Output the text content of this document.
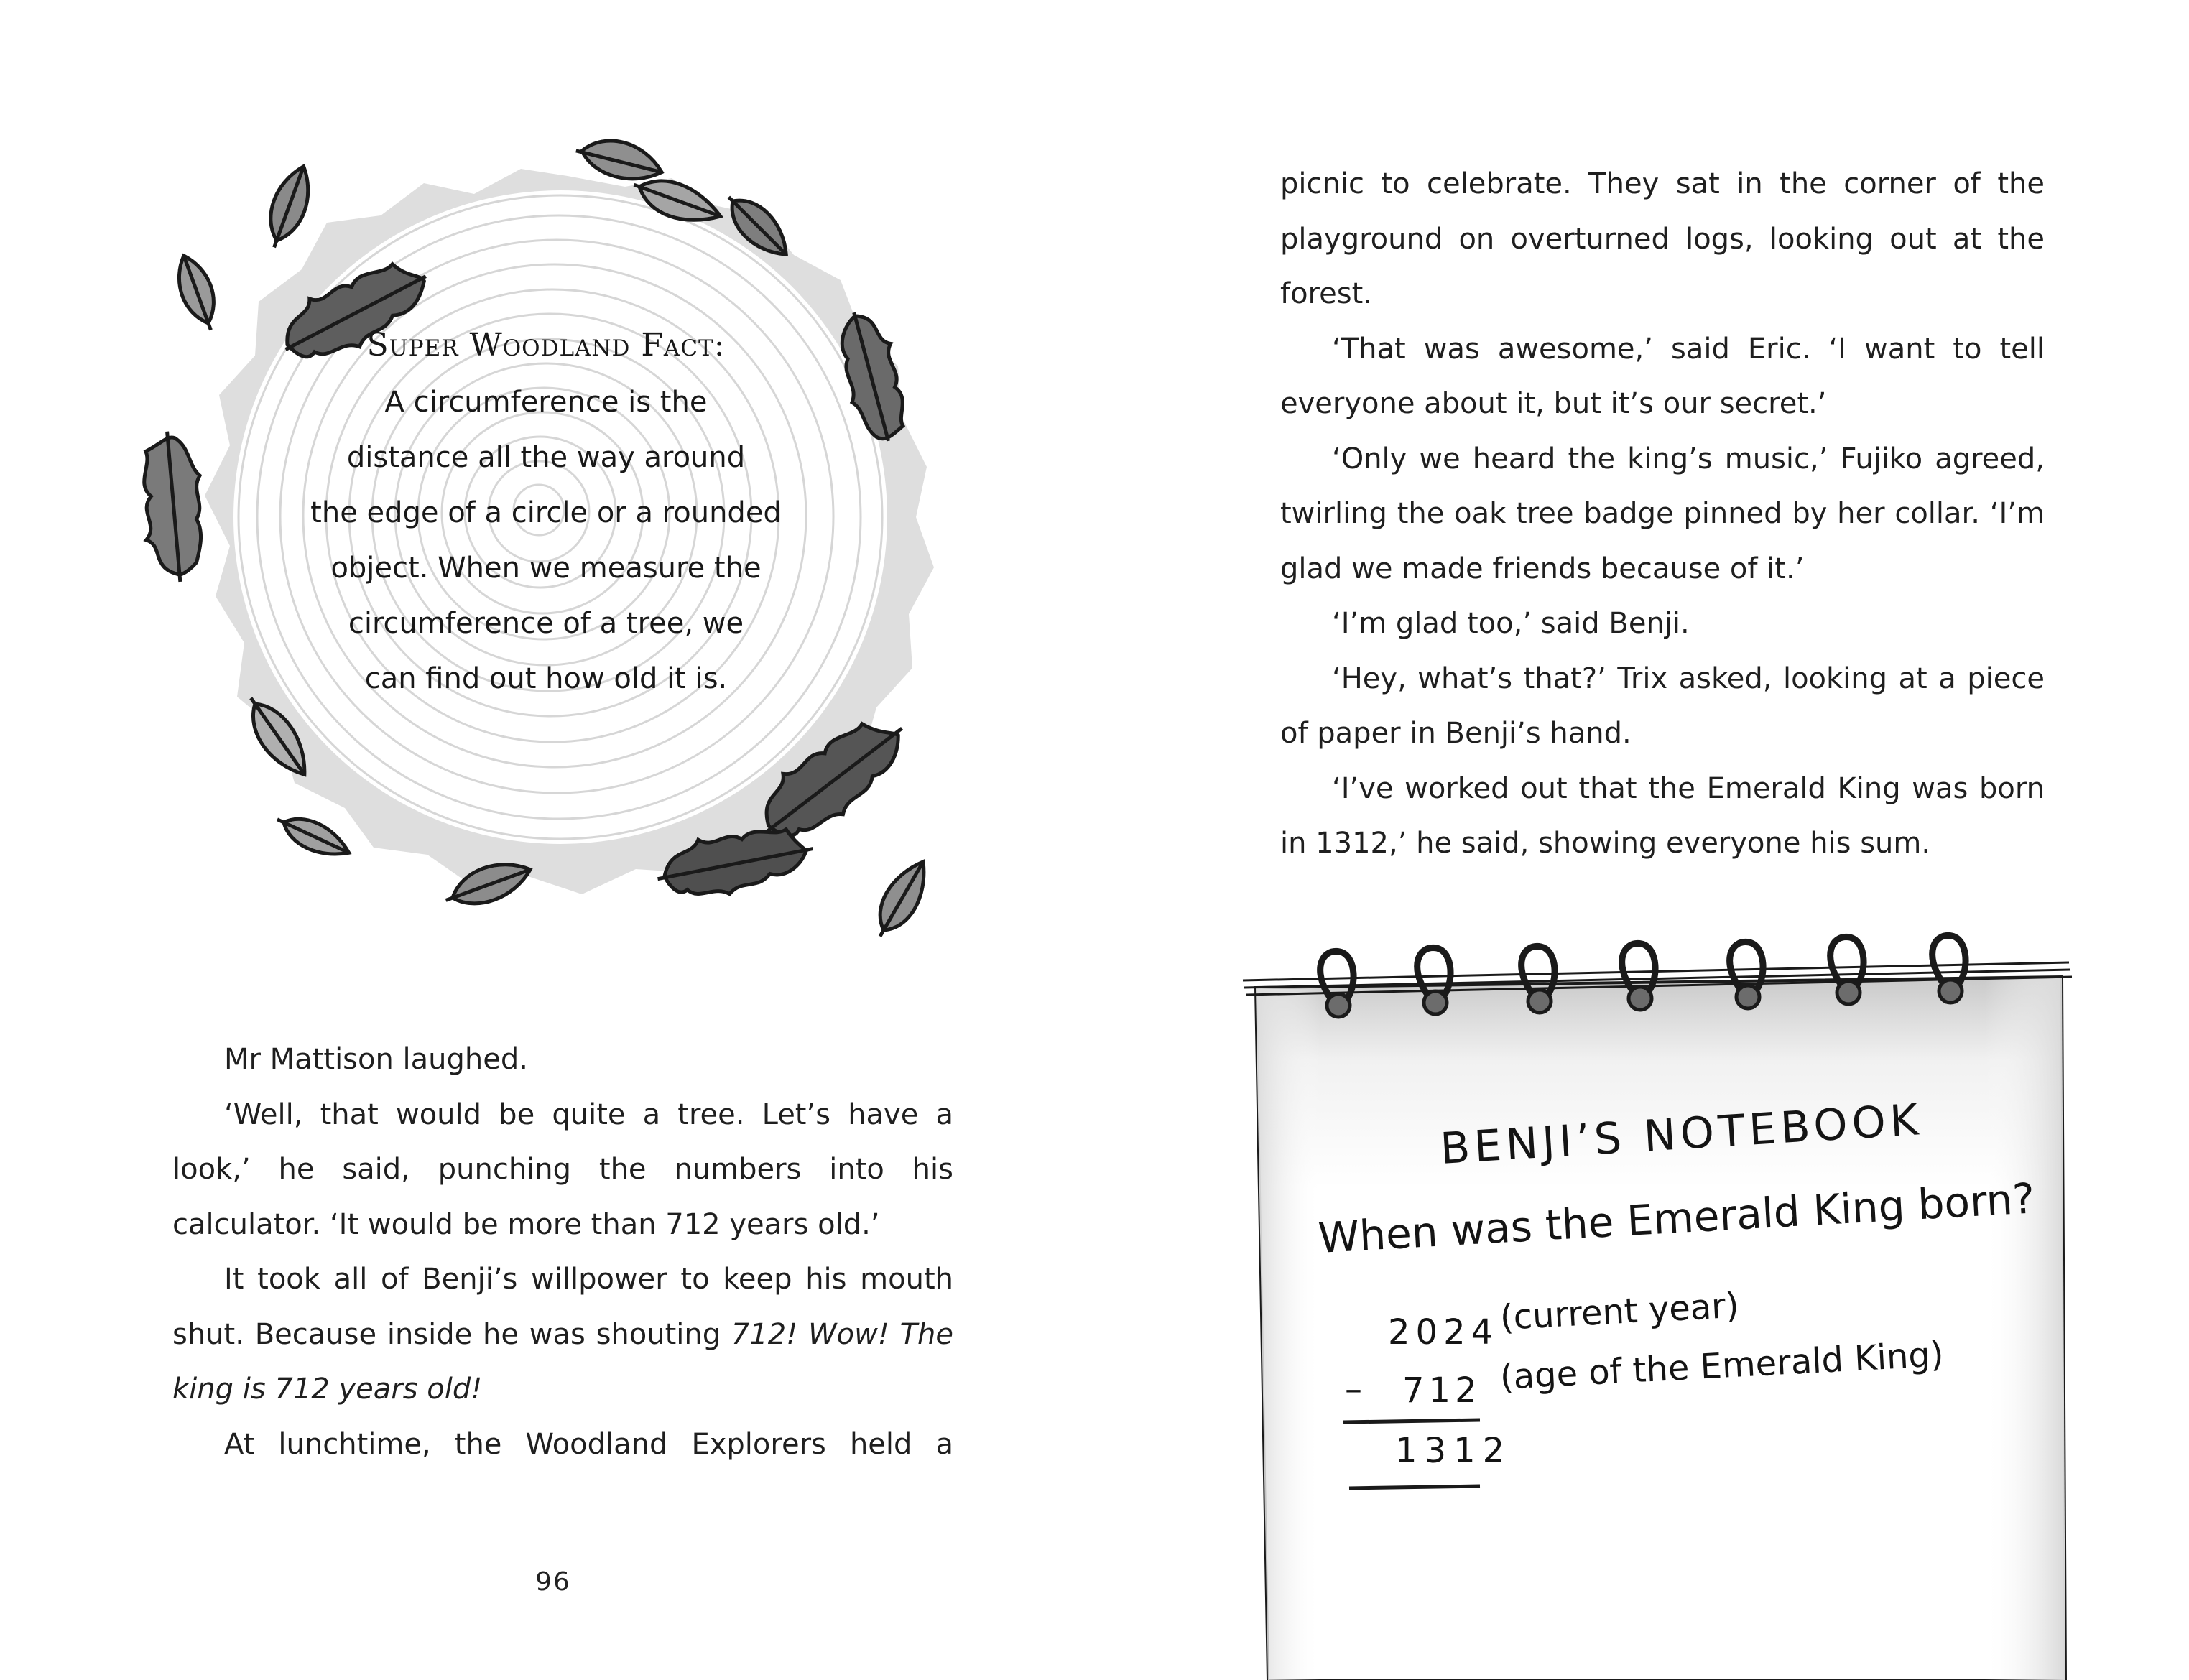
Super Woodland Fact:
A circumference is the
distance all the way around
the edge of a circle or a rounded
object. When we measure the
circumference of a tree, we
can find out how old it is.

Mr Mattison laughed.

‘Well, that would be quite a tree. Let’s have a look,’ he said, punching the numbers into his calculator. ‘It would be more than 712 years old.’

It took all of Benji’s willpower to keep his mouth shut. Because inside he was shouting 712! Wow! The king is 712 years old!

At lunchtime, the Woodland Explorers held a

96

picnic to celebrate. They sat in the corner of the playground on overturned logs, looking out at the forest.

‘That was awesome,’ said Eric. ‘I want to tell everyone about it, but it’s our secret.’

‘Only we heard the king’s music,’ Fujiko agreed, twirling the oak tree badge pinned by her collar. ‘I’m glad we made friends because of it.’

‘I’m glad too,’ said Benji.

‘Hey, what’s that?’ Trix asked, looking at a piece of paper in Benji’s hand.

‘I’ve worked out that the Emerald King was born in 1312,’ he said, showing everyone his sum.

BENJI’S NOTEBOOK
When was the Emerald King born?
2024 (current year)
– 712 (age of the Emerald King)
1312
